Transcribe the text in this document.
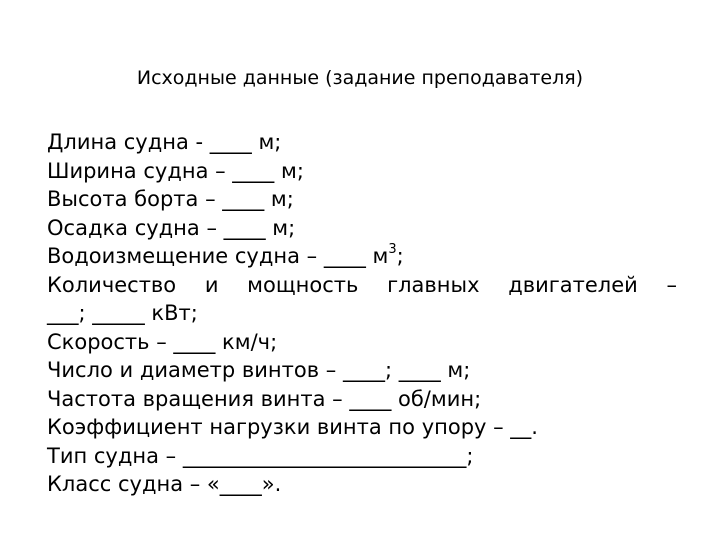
Исходные данные (задание преподавателя)
Длина судна - ____ м;
Ширина судна – ____ м;
Высота борта – ____ м;
Осадка судна – ____ м;
Водоизмещение судна – ____ $м^3$;
Количество и мощность главных двигателей –
___; _____ кВт;
Скорость – ____ км/ч;
Число и диаметр винтов – ____; ____ м;
Частота вращения винта – ____ об/мин;
Коэффициент нагрузки винта по упору – __.
Тип судна – ___________________________;
Класс судна – «____».
